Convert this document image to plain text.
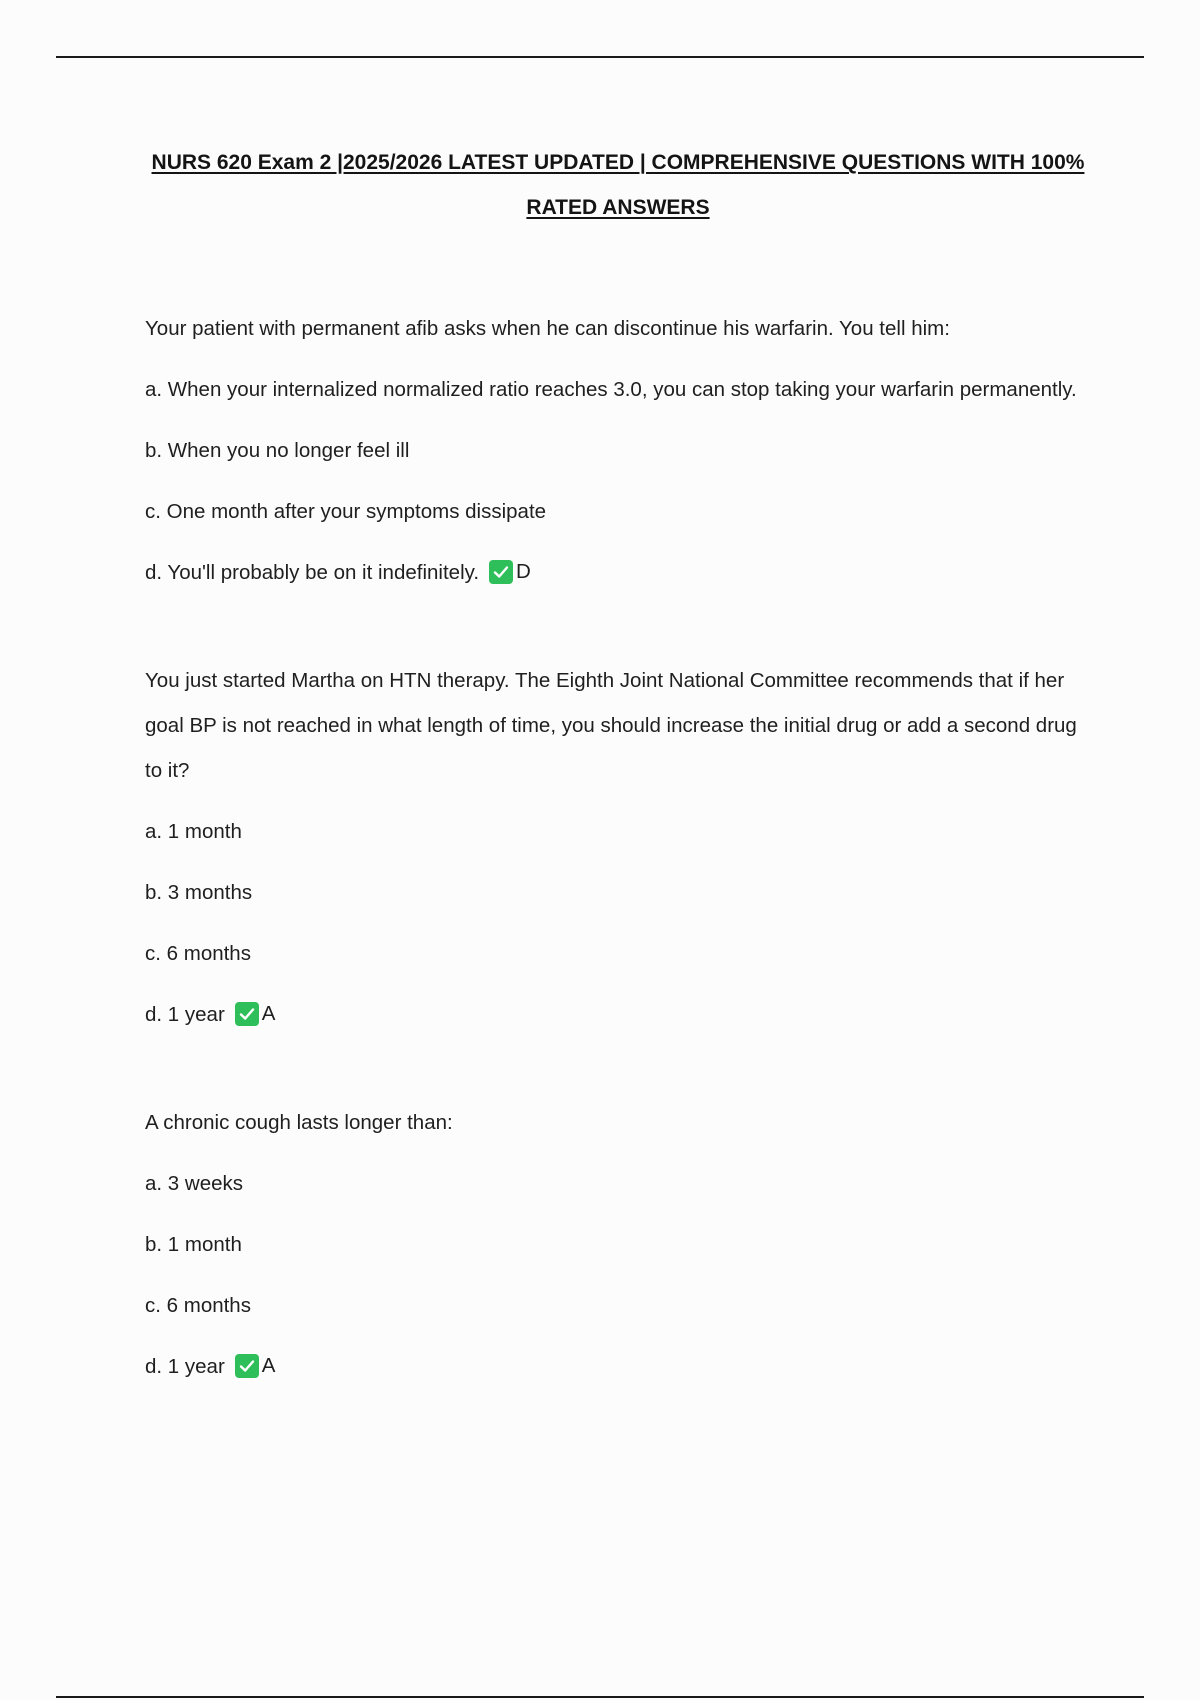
NURS 620 Exam 2 |2025/2026 LATEST UPDATED | COMPREHENSIVE QUESTIONS WITH 100% RATED ANSWERS
Your patient with permanent afib asks when he can discontinue his warfarin. You tell him:
a. When your internalized normalized ratio reaches 3.0, you can stop taking your warfarin permanently.
b. When you no longer feel ill
c. One month after your symptoms dissipate
d. You'll probably be on it indefinitely. D
You just started Martha on HTN therapy. The Eighth Joint National Committee recommends that if her goal BP is not reached in what length of time, you should increase the initial drug or add a second drug to it?
a. 1 month
b. 3 months
c. 6 months
d. 1 year A
A chronic cough lasts longer than:
a. 3 weeks
b. 1 month
c. 6 months
d. 1 year A
